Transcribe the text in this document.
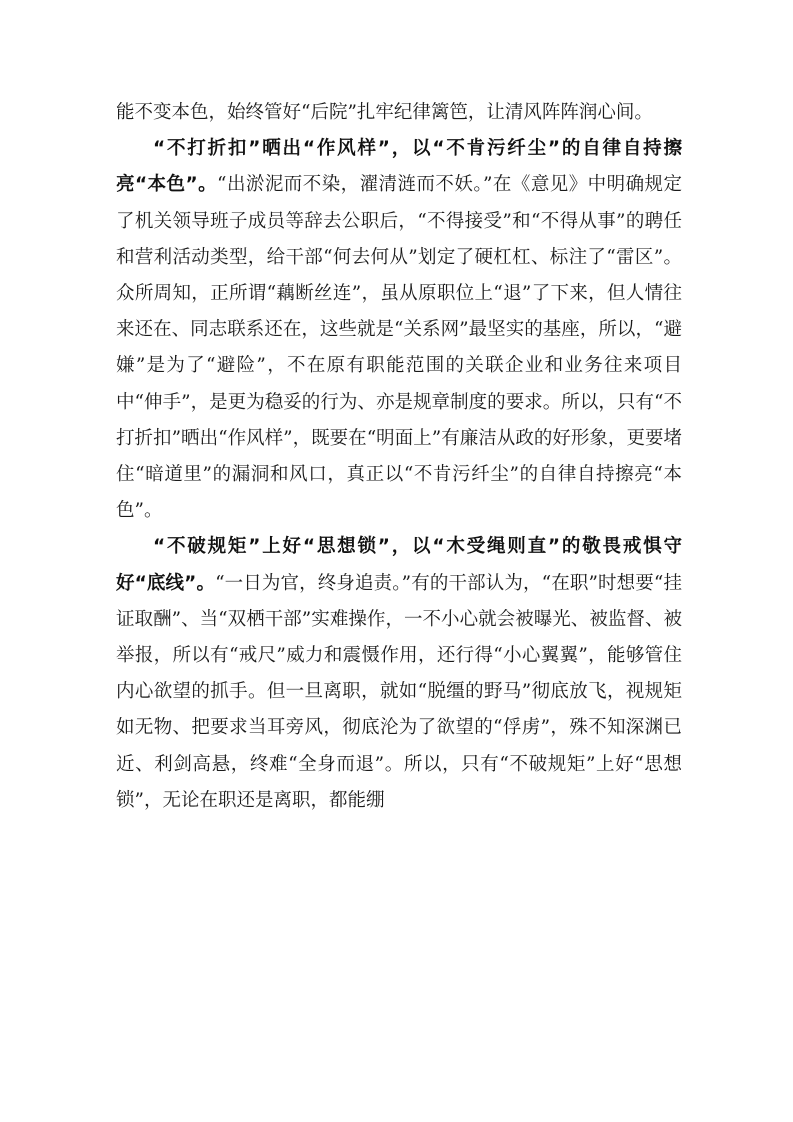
能不变本色，始终管好“后院”扎牢纪律篱笆，让清风阵阵润心间。

“不打折扣”晒出“作风样”，以“不肯污纤尘”的自律自持擦亮“本色”。“出淤泥而不染，濯清涟而不妖。”在《意见》中明确规定了机关领导班子成员等辞去公职后，“不得接受”和“不得从事”的聘任和营利活动类型，给干部“何去何从”划定了硬杠杠、标注了“雷区”。众所周知，正所谓“藕断丝连”，虽从原职位上“退”了下来，但人情往来还在、同志联系还在，这些就是“关系网”最坚实的基座，所以，“避嫌”是为了“避险”，不在原有职能范围的关联企业和业务往来项目中“伸手”，是更为稳妥的行为、亦是规章制度的要求。所以，只有“不打折扣”晒出“作风样”，既要在“明面上”有廉洁从政的好形象，更要堵住“暗道里”的漏洞和风口，真正以“不肯污纤尘”的自律自持擦亮“本色”。

“不破规矩”上好“思想锁”，以“木受绳则直”的敬畏戒惧守好“底线”。“一日为官，终身追责。”有的干部认为，“在职”时想要“挂证取酬”、当“双栖干部”实难操作，一不小心就会被曝光、被监督、被举报，所以有“戒尺”威力和震慑作用，还行得“小心翼翼”，能够管住内心欲望的抓手。但一旦离职，就如“脱缰的野马”彻底放飞，视规矩如无物、把要求当耳旁风，彻底沦为了欲望的“俘虏”，殊不知深渊已近、利剑高悬，终难“全身而退”。所以，只有“不破规矩”上好“思想锁”，无论在职还是离职，都能绷
